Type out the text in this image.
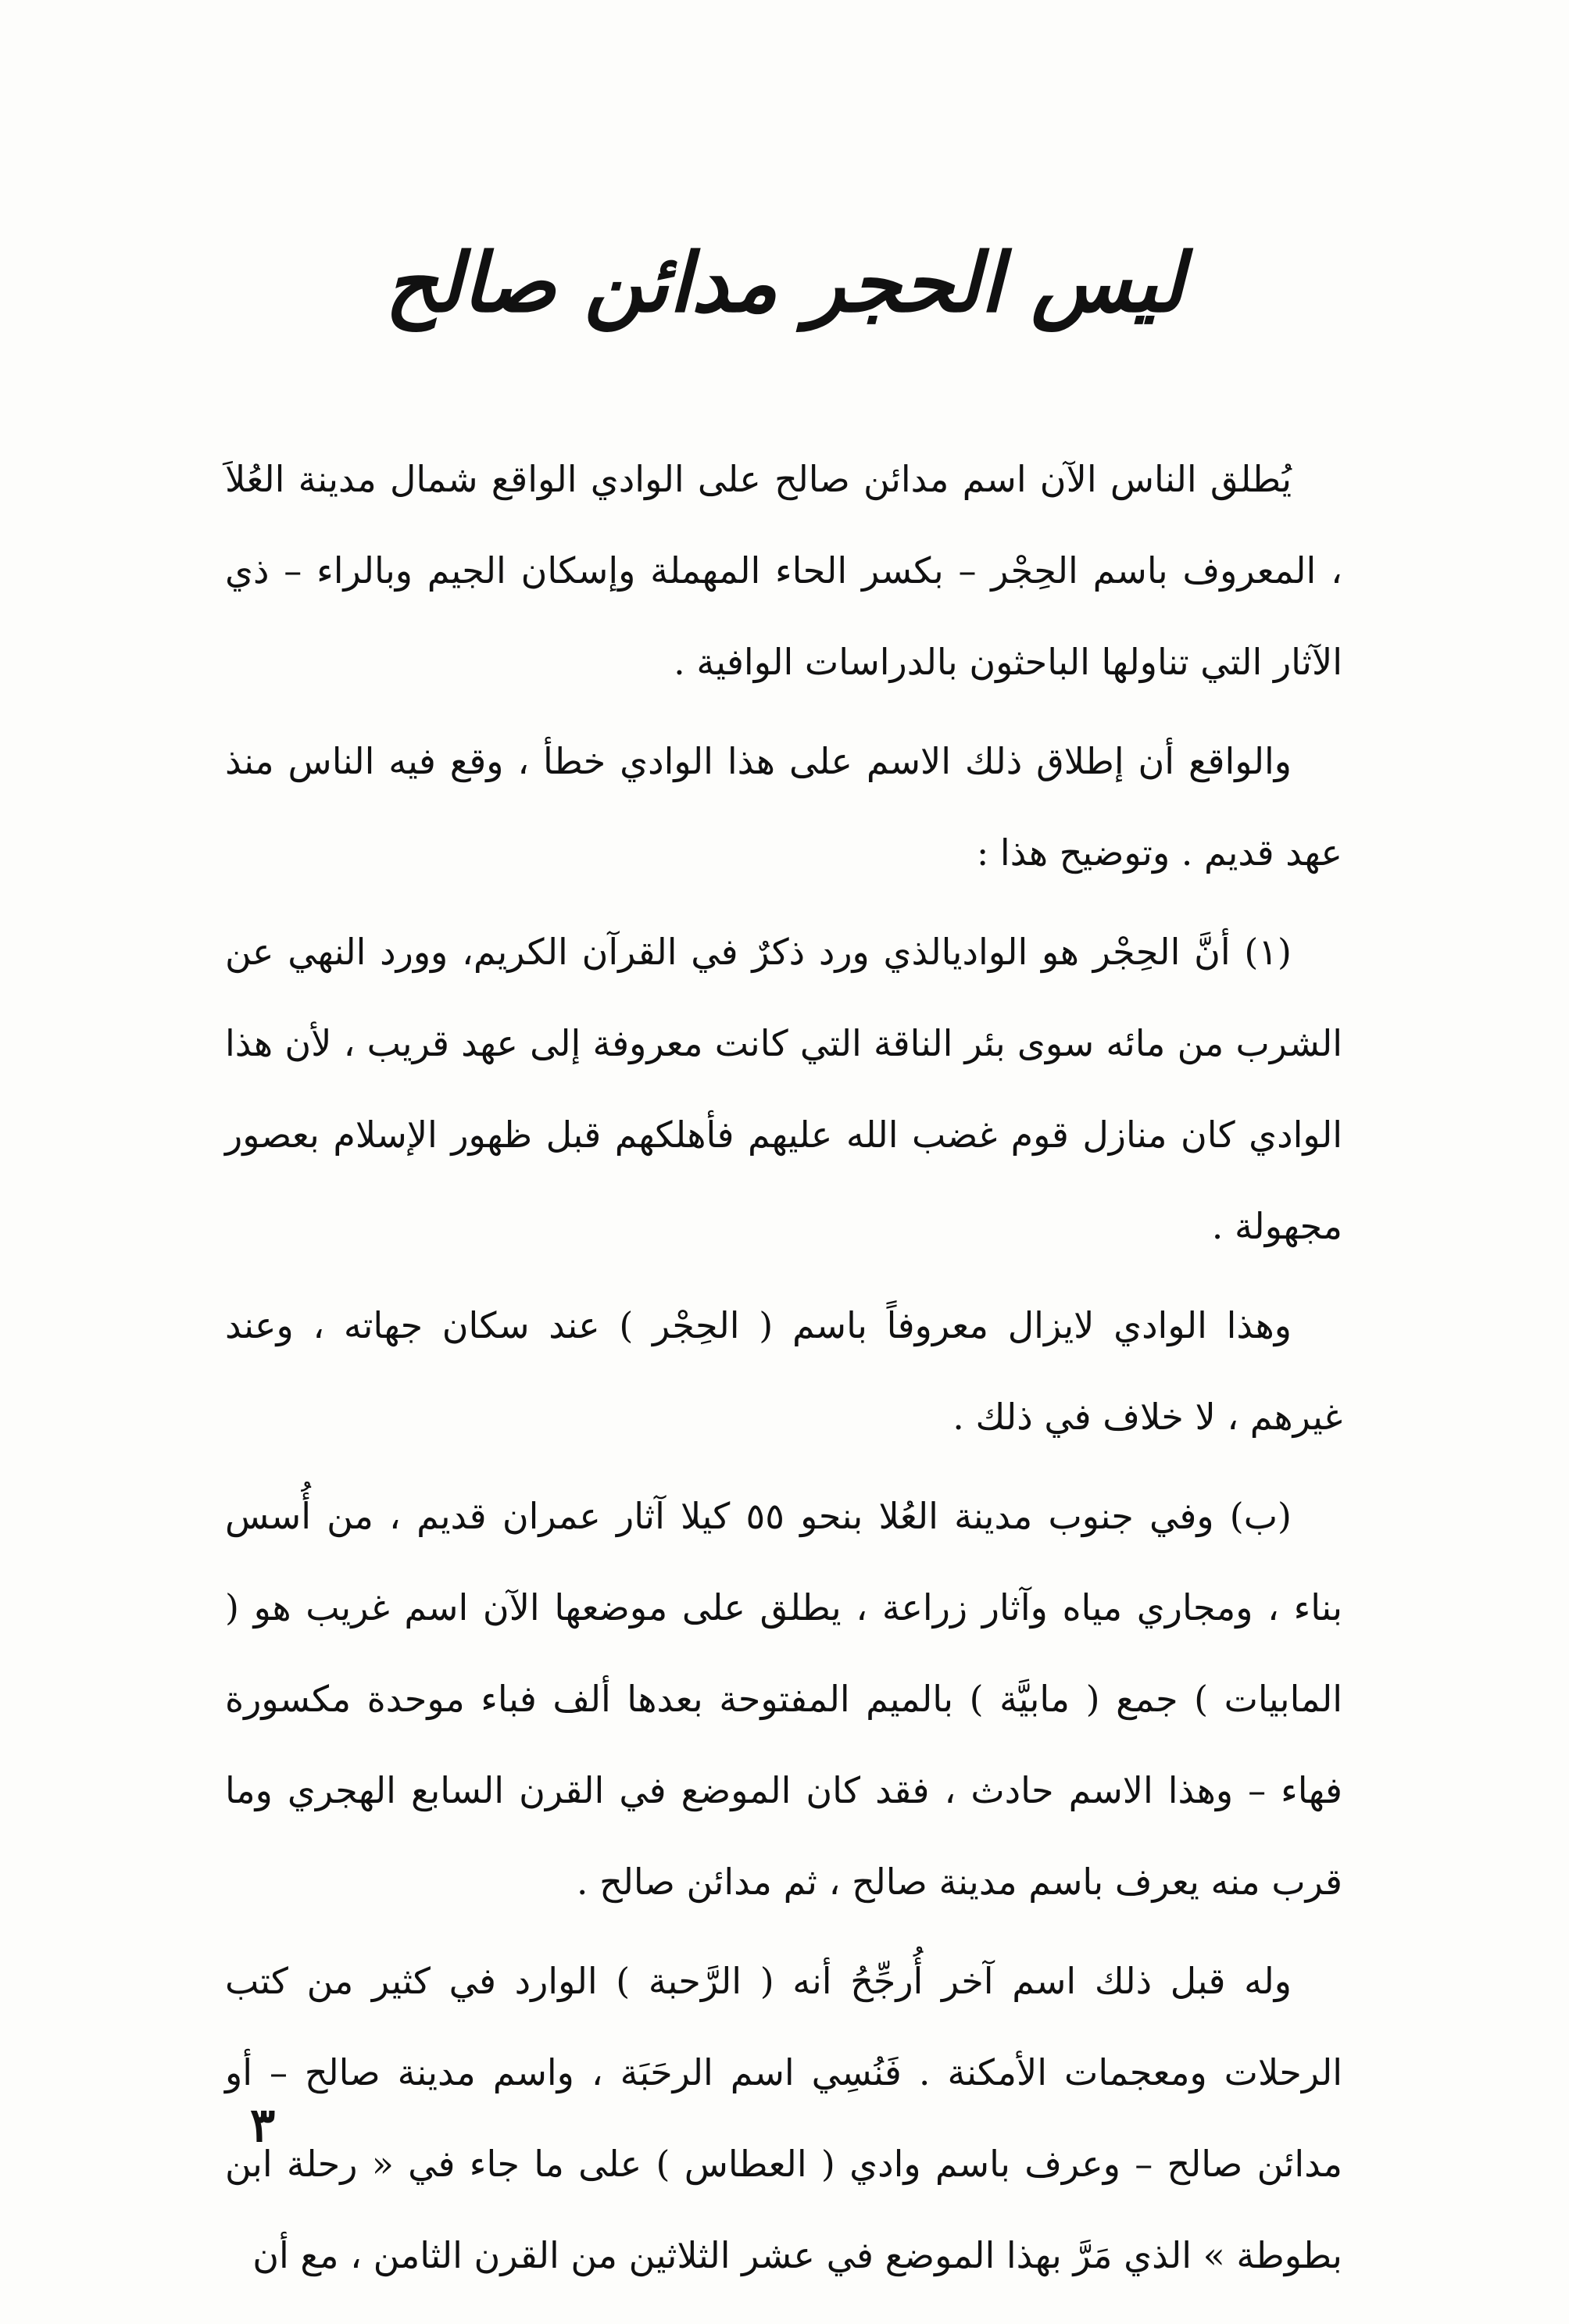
ليس الحجر مدائن صالح

يُطلق الناس الآن اسم مدائن صالح على الوادي الواقع شمال مدينة العُلاَ ، المعروف باسم الحِجْر – بكسر الحاء المهملة وإسكان الجيم وبالراء – ذي الآثار التي تناولها الباحثون بالدراسات الوافية .

والواقع أن إطلاق ذلك الاسم على هذا الوادي خطأ ، وقع فيه الناس منذ عهد قديم . وتوضيح هذا :

(١) أنَّ الحِجْر هو الواديالذي ورد ذكرٌ في القرآن الكريم، وورد النهي عن الشرب من مائه سوى بئر الناقة التي كانت معروفة إلى عهد قريب ، لأن هذا الوادي كان منازل قوم غضب الله عليهم فأهلكهم قبل ظهور الإسلام بعصور مجهولة .

وهذا الوادي لايزال معروفاً باسم ( الحِجْر ) عند سكان جهاته ، وعند غيرهم ، لا خلاف في ذلك .

(ب) وفي جنوب مدينة العُلا بنحو ٥٥ كيلا آثار عمران قديم ، من أُسس بناء ، ومجاري مياه وآثار زراعة ، يطلق على موضعها الآن اسم غريب هو ( المابيات ) جمع ( مابيَّة ) بالميم المفتوحة بعدها ألف فباء موحدة مكسورة فهاء – وهذا الاسم حادث ، فقد كان الموضع في القرن السابع الهجري وما قرب منه يعرف باسم مدينة صالح ، ثم مدائن صالح .

وله قبل ذلك اسم آخر أُرجِّحُ أنه ( الرَّحبة ) الوارد في كثير من كتب الرحلات ومعجمات الأمكنة . فَنُسِي اسم الرحَبَة ، واسم مدينة صالح – أو مدائن صالح – وعرف باسم وادي ( العطاس ) على ما جاء في « رحلة ابن بطوطة » الذي مَرَّ بهذا الموضع في عشر الثلاثين من القرن الثامن ، مع أن

٣
